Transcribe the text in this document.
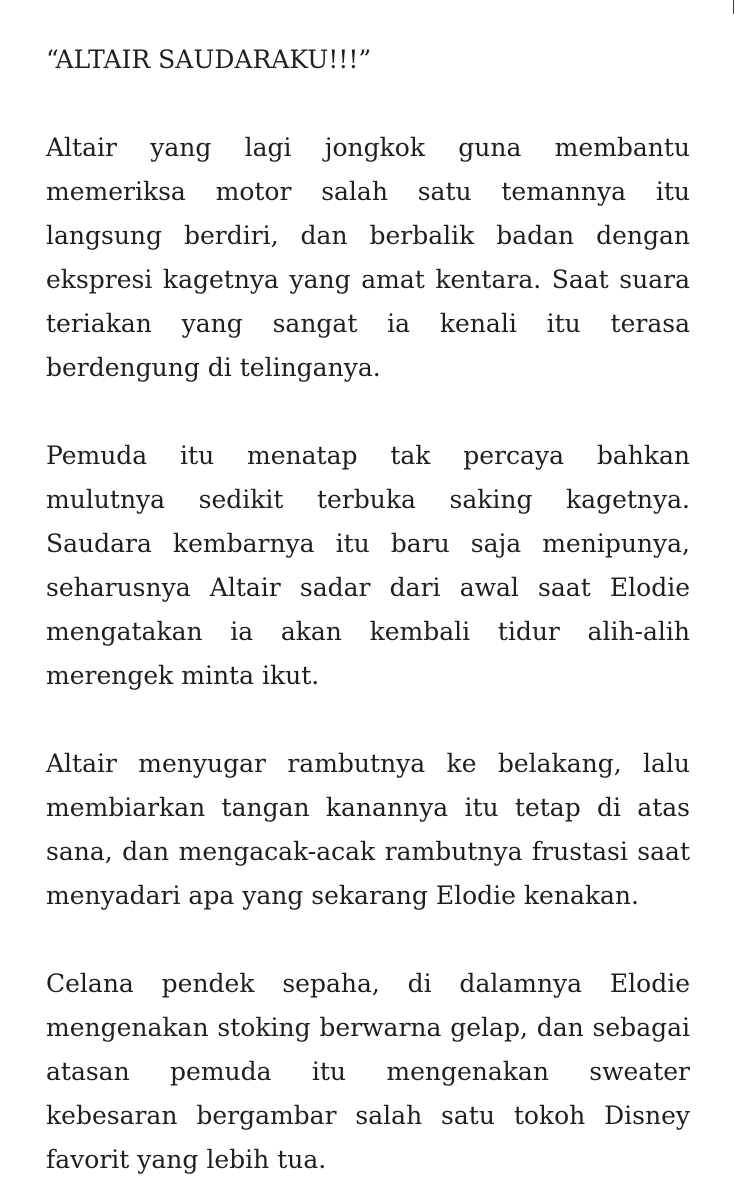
“ALTAIR SAUDARAKU!!!”

Altair yang lagi jongkok guna membantu memeriksa motor salah satu temannya itu langsung berdiri, dan berbalik badan dengan ekspresi kagetnya yang amat kentara. Saat suara teriakan yang sangat ia kenali itu terasa berdengung di telinganya.

Pemuda itu menatap tak percaya bahkan mulutnya sedikit terbuka saking kagetnya. Saudara kembarnya itu baru saja menipunya, seharusnya Altair sadar dari awal saat Elodie mengatakan ia akan kembali tidur alih-alih merengek minta ikut.

Altair menyugar rambutnya ke belakang, lalu membiarkan tangan kanannya itu tetap di atas sana, dan mengacak-acak rambutnya frustasi saat menyadari apa yang sekarang Elodie kenakan.

Celana pendek sepaha, di dalamnya Elodie mengenakan stoking berwarna gelap, dan sebagai atasan pemuda itu mengenakan sweater kebesaran bergambar salah satu tokoh Disney favorit yang lebih tua.
